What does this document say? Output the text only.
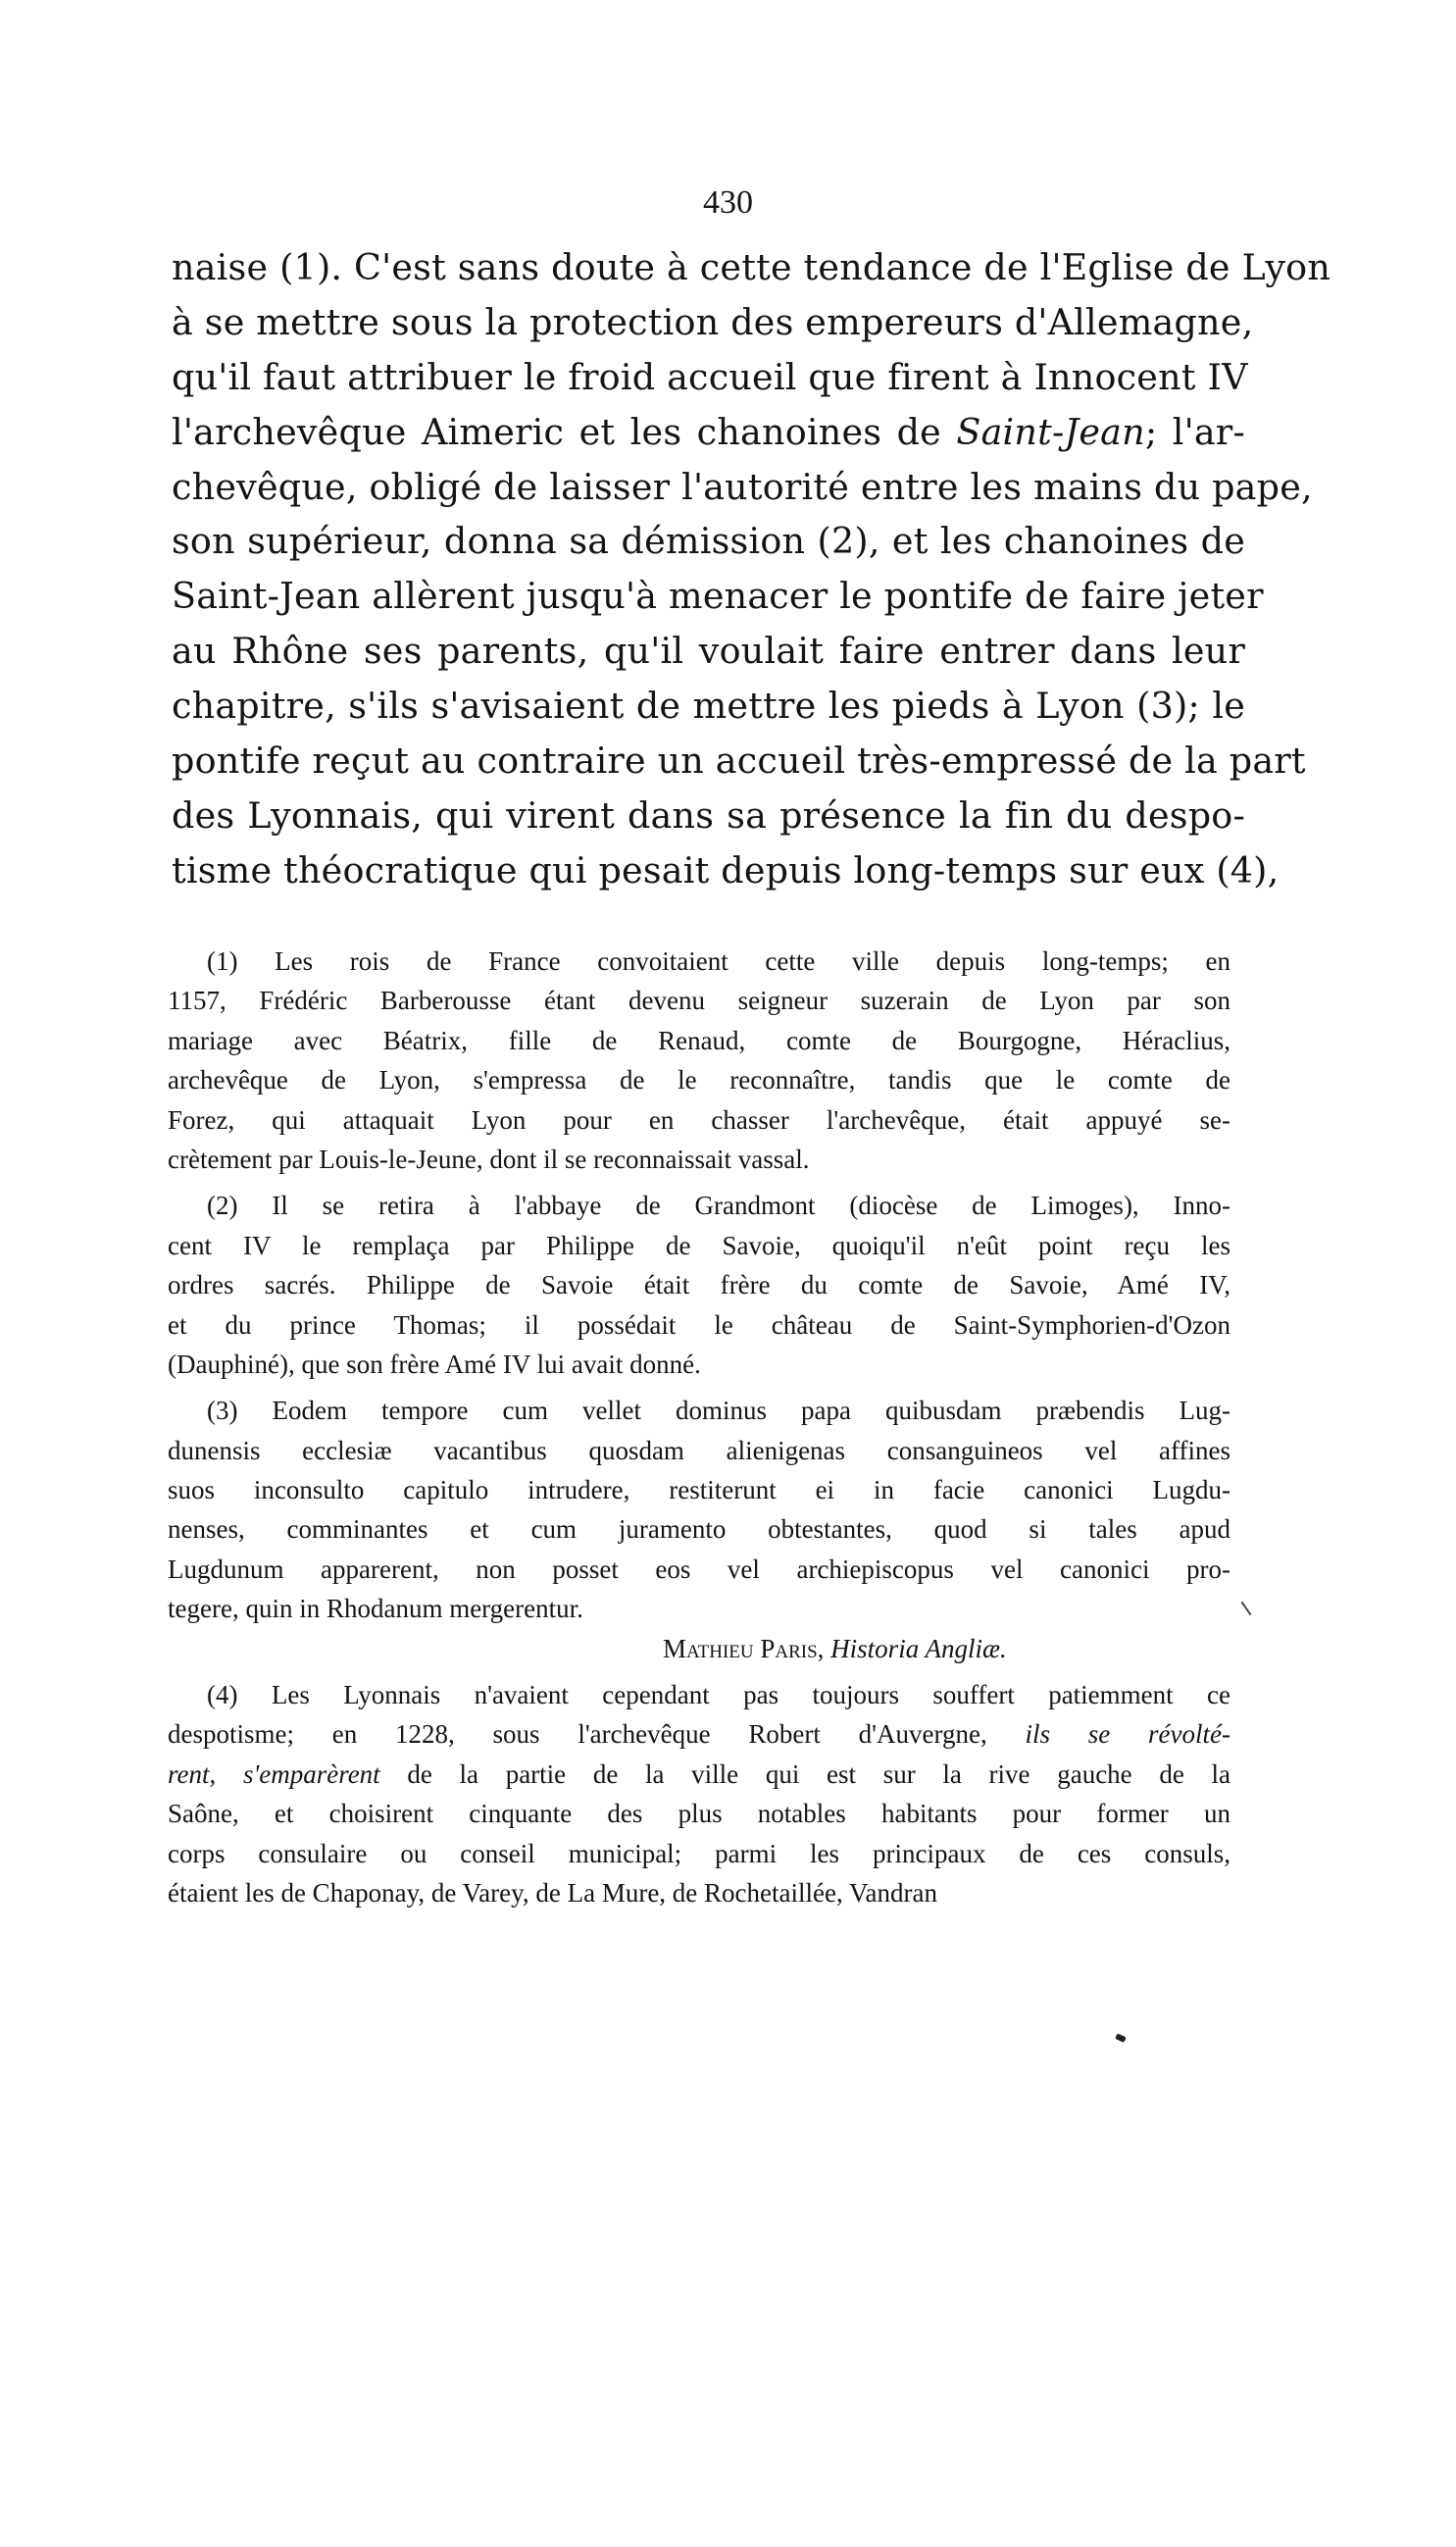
430
naise (1). C'est sans doute à cette tendance de l'Eglise de Lyon
à se mettre sous la protection des empereurs d'Allemagne,
qu'il faut attribuer le froid accueil que firent à Innocent IV
l'archevêque Aimeric et les chanoines de Saint-Jean; l'ar-
chevêque, obligé de laisser l'autorité entre les mains du pape,
son supérieur, donna sa démission (2), et les chanoines de
Saint-Jean allèrent jusqu'à menacer le pontife de faire jeter
au Rhône ses parents, qu'il voulait faire entrer dans leur
chapitre, s'ils s'avisaient de mettre les pieds à Lyon (3); le
pontife reçut au contraire un accueil très-empressé de la part
des Lyonnais, qui virent dans sa présence la fin du despo-
tisme théocratique qui pesait depuis long-temps sur eux (4),
(1) Les rois de France convoitaient cette ville depuis long-temps; en
1157, Frédéric Barberousse étant devenu seigneur suzerain de Lyon par son
mariage avec Béatrix, fille de Renaud, comte de Bourgogne, Héraclius,
archevêque de Lyon, s'empressa de le reconnaître, tandis que le comte de
Forez, qui attaquait Lyon pour en chasser l'archevêque, était appuyé se-
crètement par Louis-le-Jeune, dont il se reconnaissait vassal.
(2) Il se retira à l'abbaye de Grandmont (diocèse de Limoges), Inno-
cent IV le remplaça par Philippe de Savoie, quoiqu'il n'eût point reçu les
ordres sacrés. Philippe de Savoie était frère du comte de Savoie, Amé IV,
et du prince Thomas; il possédait le château de Saint-Symphorien-d'Ozon
(Dauphiné), que son frère Amé IV lui avait donné.
(3) Eodem tempore cum vellet dominus papa quibusdam præbendis Lug-
dunensis ecclesiæ vacantibus quosdam alienigenas consanguineos vel affines
suos inconsulto capitulo intrudere, restiterunt ei in facie canonici Lugdu-
nenses, comminantes et cum juramento obtestantes, quod si tales apud
Lugdunum apparerent, non posset eos vel archiepiscopus vel canonici pro-
tegere, quin in Rhodanum mergerentur.
Mathieu Paris, Historia Angliæ.
(4) Les Lyonnais n'avaient cependant pas toujours souffert patiemment ce
despotisme; en 1228, sous l'archevêque Robert d'Auvergne, ils se révolté-
rent, s'emparèrent de la partie de la ville qui est sur la rive gauche de la
Saône, et choisirent cinquante des plus notables habitants pour former un
corps consulaire ou conseil municipal; parmi les principaux de ces consuls,
étaient les de Chaponay, de Varey, de La Mure, de Rochetaillée, Vandran
